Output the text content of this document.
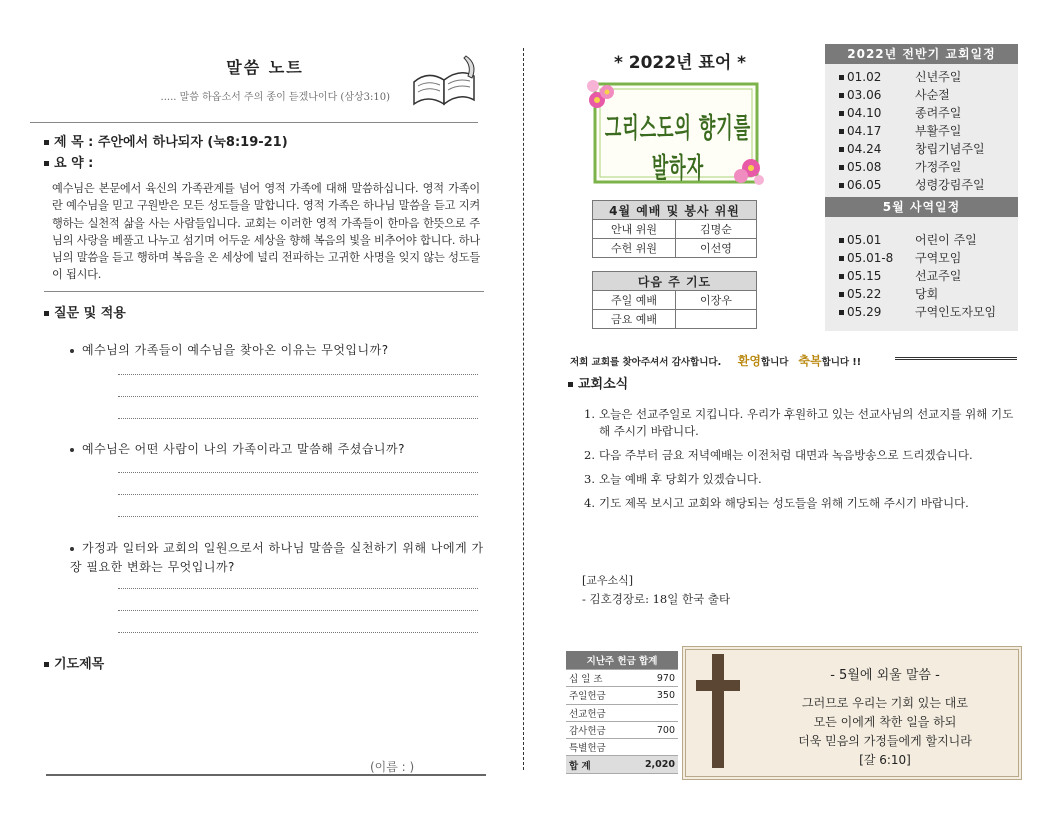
말씀 노트
..... 말씀 하옵소서 주의 종이 듣겠나이다 (삼상3:10)
제 목 : 주안에서 하나되자 (눅8:19-21)
요 약 :
예수님은 본문에서 육신의 가족관계를 넘어 영적 가족에 대해 말씀하십니다. 영적 가족이란 예수님을 믿고 구원받은 모든 성도들을 말합니다. 영적 가족은 하나님 말씀을 듣고 지켜 행하는 실천적 삶을 사는 사람들입니다. 교회는 이러한 영적 가족들이 한마음 한뜻으로 주님의 사랑을 베풀고 나누고 섬기며 어두운 세상을 향해 복음의 빛을 비추어야 합니다. 하나님의 말씀을 듣고 행하며 복음을 온 세상에 널리 전파하는 고귀한 사명을 잊지 않는 성도들이 됩시다.
질문 및 적용
예수님의 가족들이 예수님을 찾아온 이유는 무엇입니까?
예수님은 어떤 사람이 나의 가족이라고 말씀해 주셨습니까?
가정과 일터와 교회의 일원으로서 하나님 말씀을 실천하기 위해 나에게 가장 필요한 변화는 무엇입니까?
기도제목
(이름 : )
* 2022년 표어 *
그리스도의 향기를 발하자
2022년 전반기 교회일정
01.02	신년주일
03.06	사순절
04.10	종려주일
04.17	부활주일
04.24	창립기념주일
05.08	가정주일
06.05	성령강림주일
5월 사역일정
05.01	어린이 주일
05.01-8 구역모임
05.15	선교주일
05.22	당회
05.29	구역인도자모임
4월 예배 및 봉사 위원	
안내 위원	김명순
수헌 위원	이선영
다음 주 기도	
주일 예배	이장우
금요 예배	
저희 교회를 찾아주셔서 감사합니다. 환영합니다 축복합니다 !!
교회소식
1. 오늘은 선교주일로 지킵니다. 우리가 후원하고 있는 선교사님의 선교지를 위해 기도해 주시기 바랍니다.
2. 다음 주부터 금요 저녁예배는 이전처럼 대면과 녹음방송으로 드리겠습니다.
3. 오늘 예배 후 당회가 있겠습니다.
4. 기도 제목 보시고 교회와 해당되는 성도들을 위해 기도해 주시기 바랍니다.
[교우소식]
- 김호경장로: 18일 한국 출타
지난주 헌금 합계	
십 일 조	970
주일헌금	350
선교헌금	
감사헌금	700
특별헌금	
합 계	2,020
- 5월에 외울 말씀 -
그러므로 우리는 기회 있는 대로
모든 이에게 착한 일을 하되
더욱 믿음의 가정들에게 할지니라
[갈 6:10]
